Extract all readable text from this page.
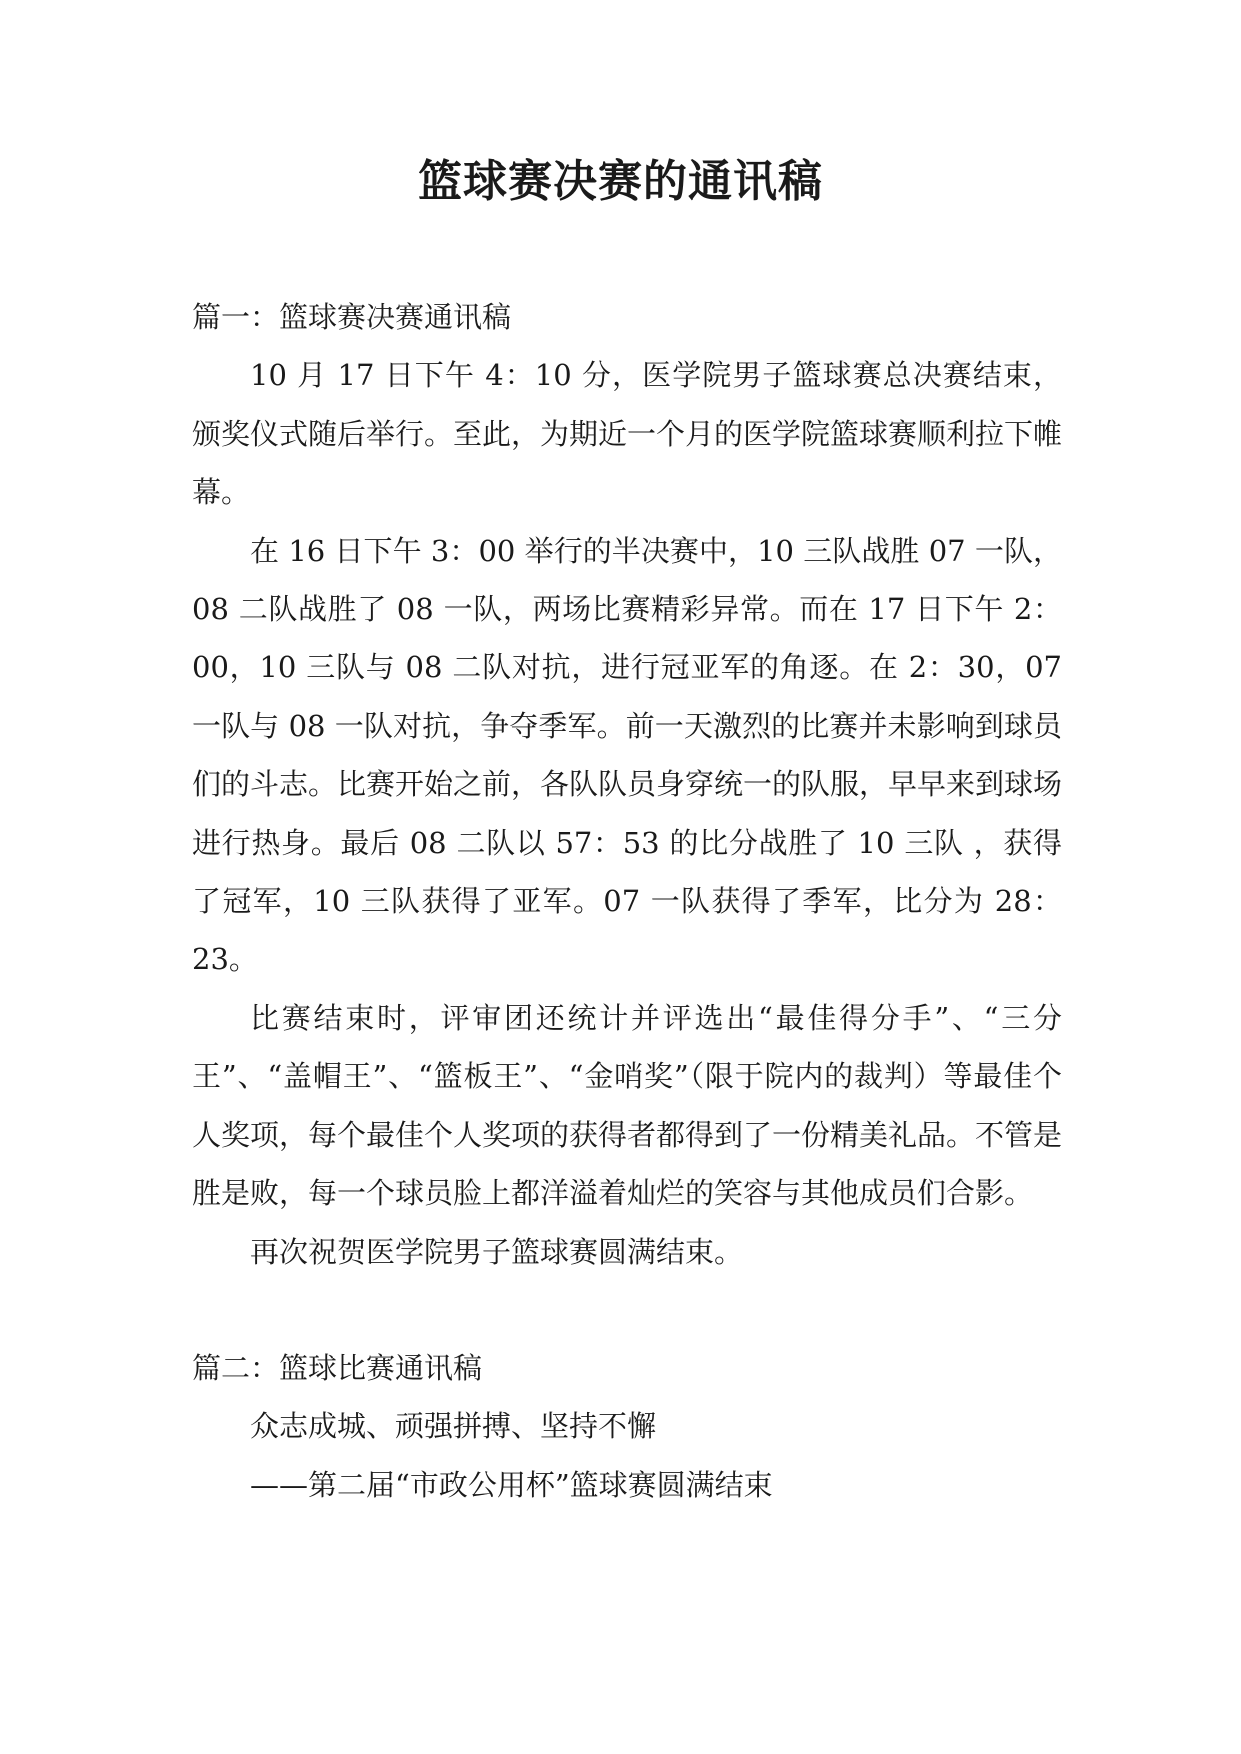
篮球赛决赛的通讯稿

篇一：篮球赛决赛通讯稿

10 月 17 日下午 4：10 分，医学院男子篮球赛总决赛结束，颁奖仪式随后举行。至此，为期近一个月的医学院篮球赛顺利拉下帷幕。

在 16 日下午 3：00 举行的半决赛中，10 三队战胜 07 一队，08 二队战胜了 08 一队，两场比赛精彩异常。而在 17 日下午 2：00，10 三队与 08 二队对抗，进行冠亚军的角逐。在 2：30，07 一队与 08 一队对抗，争夺季军。前一天激烈的比赛并未影响到球员们的斗志。比赛开始之前，各队队员身穿统一的队服，早早来到球场进行热身。最后 08 二队以 57：53 的比分战胜了 10 三队 ，获得了冠军，10 三队获得了亚军。07 一队获得了季军，比分为 28：23。

比赛结束时，评审团还统计并评选出“最佳得分手”、“三分王”、“盖帽王”、“篮板王”、“金哨奖”（限于院内的裁判）等最佳个人奖项，每个最佳个人奖项的获得者都得到了一份精美礼品。不管是胜是败，每一个球员脸上都洋溢着灿烂的笑容与其他成员们合影。

再次祝贺医学院男子篮球赛圆满结束。

篇二：篮球比赛通讯稿

众志成城、顽强拼搏、坚持不懈

——第二届“市政公用杯”篮球赛圆满结束
